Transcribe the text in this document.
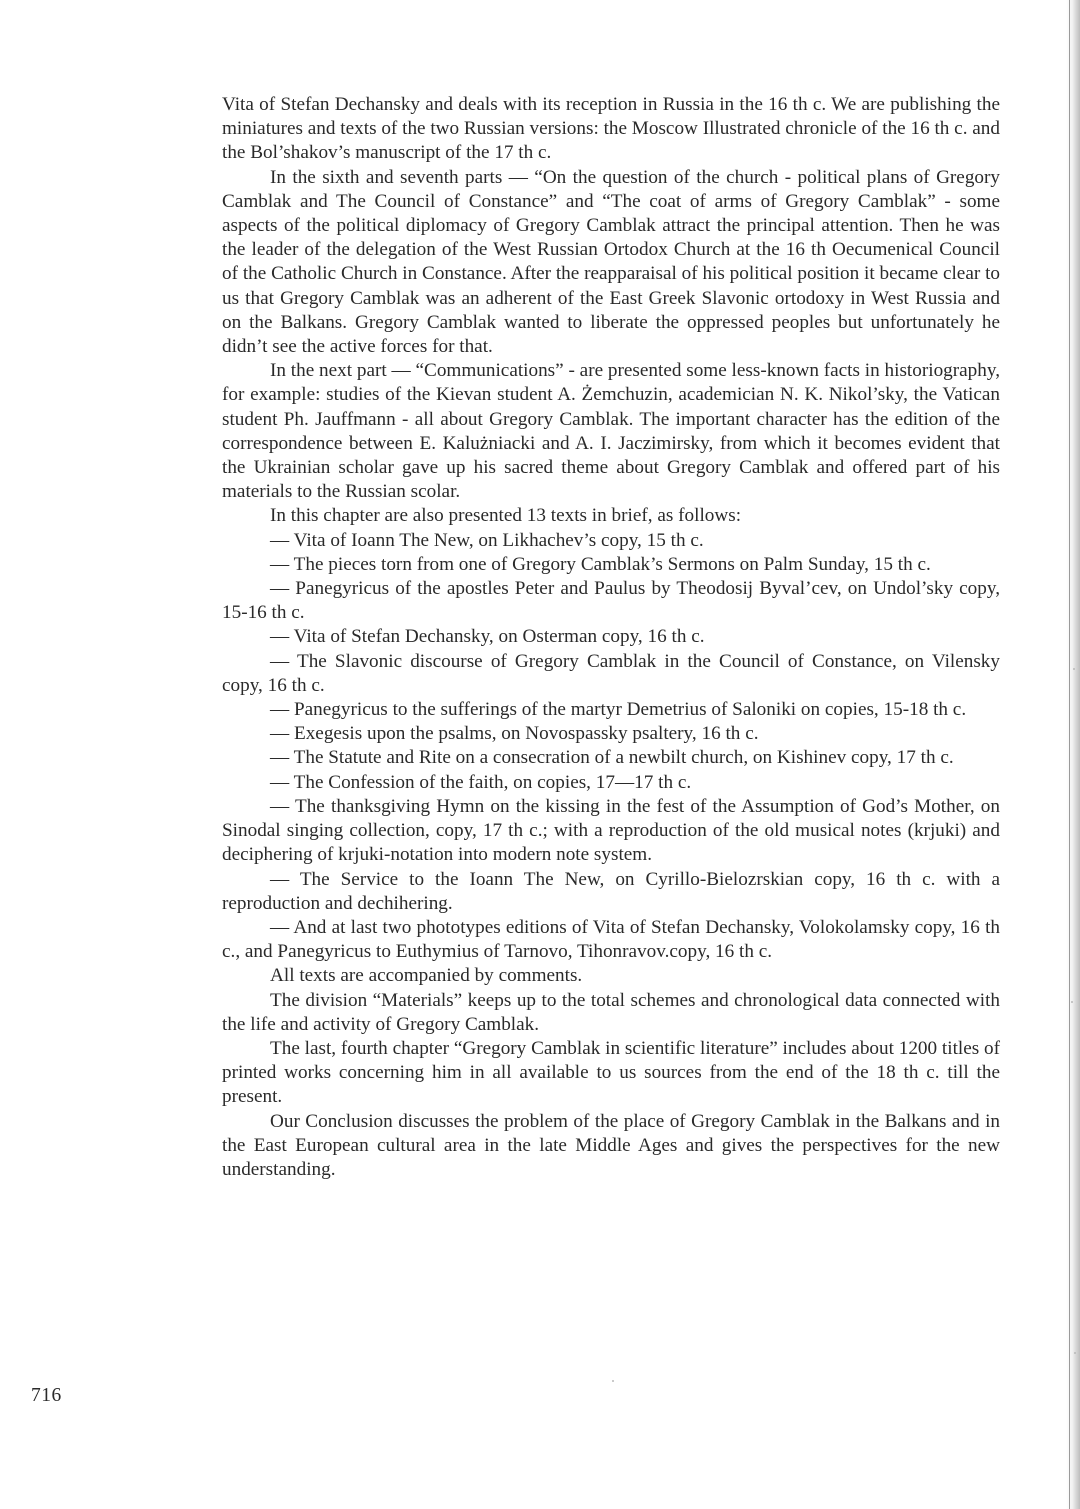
Vita of Stefan Dechansky and deals with its reception in Russia in the 16 th c. We are publishing the miniatures and texts of the two Russian versions: the Moscow Illustrated chronicle of the 16 th c. and the Bol’shakov’s manuscript of the 17 th c.

In the sixth and seventh parts — “On the question of the church - political plans of Gregory Camblak and The Council of Constance” and “The coat of arms of Gregory Camblak” - some aspects of the political diplomacy of Gregory Camblak attract the principal attention. Then he was the leader of the delegation of the West Russian Ortodox Church at the 16 th Oecumenical Council of the Catholic Church in Constance. After the reapparaisal of his political position it became clear to us that Gregory Camblak was an adherent of the East Greek Slavonic ortodoxy in West Russia and on the Balkans. Gregory Camblak wanted to liberate the oppressed peoples but unfortunately he didn’t see the active forces for that.

In the next part — “Communications” - are presented some less-known facts in historiography, for example: studies of the Kievan student A. Żemchuzin, academician N. K. Nikol’sky, the Vatican student Ph. Jauffmann - all about Gregory Camblak. The important character has the edition of the correspondence between E. Kalużniacki and A. I. Jaczimirsky, from which it becomes evident that the Ukrainian scholar gave up his sacred theme about Gregory Camblak and offered part of his materials to the Russian scolar.

In this chapter are also presented 13 texts in brief, as follows:

— Vita of Ioann The New, on Likhachev’s copy, 15 th c.

— The pieces torn from one of Gregory Camblak’s Sermons on Palm Sunday, 15 th c.

— Panegyricus of the apostles Peter and Paulus by Theodosij Byval’cev, on Undol’sky copy, 15-16 th c.

— Vita of Stefan Dechansky, on Osterman copy, 16 th c.

— The Slavonic discourse of Gregory Camblak in the Council of Constance, on Vilensky copy, 16 th c.

— Panegyricus to the sufferings of the martyr Demetrius of Saloniki on copies, 15-18 th c.

— Exegesis upon the psalms, on Novospassky psaltery, 16 th c.

— The Statute and Rite on a consecration of a newbilt church, on Kishinev copy, 17 th c.

— The Confession of the faith, on copies, 17—17 th c.

— The thanksgiving Hymn on the kissing in the fest of the Assumption of God’s Mother, on Sinodal singing collection, copy, 17 th c.; with a reproduction of the old musical notes (krjuki) and deciphering of krjuki-notation into modern note system.

— The Service to the Ioann The New, on Cyrillo-Bielozrskian copy, 16 th c. with a reproduction and dechihering.

— And at last two phototypes editions of Vita of Stefan Dechansky, Volokolamsky copy, 16 th c., and Panegyricus to Euthymius of Tarnovo, Tihonravov.copy, 16 th c.

All texts are accompanied by comments.

The division “Materials” keeps up to the total schemes and chronological data connected with the life and activity of Gregory Camblak.

The last, fourth chapter “Gregory Camblak in scientific literature” includes about 1200 titles of printed works concerning him in all available to us sources from the end of the 18 th c. till the present.

Our Conclusion discusses the problem of the place of Gregory Camblak in the Balkans and in the East European cultural area in the late Middle Ages and gives the perspectives for the new understanding.

716
